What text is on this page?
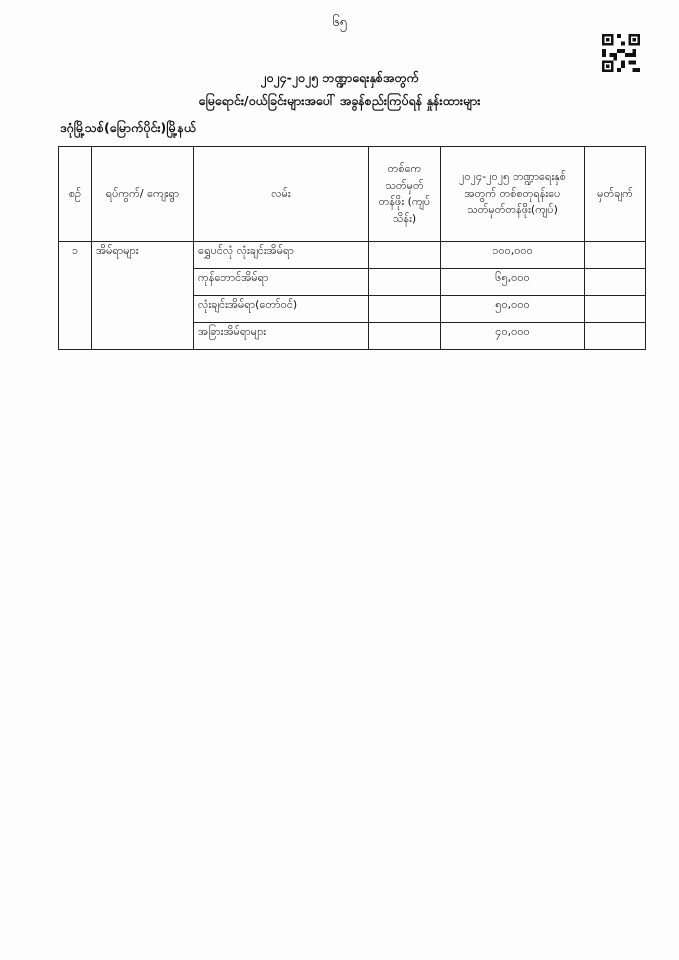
၆၅
၂၀၂၄-၂၀၂၅ ဘဏ္ဍာရေးနှစ်အတွက်
မြေရောင်း/ဝယ်ခြင်းများအပေါ် အခွန်စည်းကြပ်ရန် နှုန်းထားများ
ဒဂုံမြို့သစ်(မြောက်ပိုင်း)မြို့နယ်
စဉ်	ရပ်ကွက်/ ကျေးရွာ	လမ်း	တစ်ကေ သတ်မှတ် တန်ဖိုး (ကျပ်သိန်း)	၂၀၂၄-၂၀၂၅ ဘဏ္ဍာရေးနှစ်အတွက် တစ်စတုရန်းပေ သတ်မှတ်တန်ဖိုး(ကျပ်)	မှတ်ချက်
၁	အိမ်ရာများ	ရွှေပင်လုံ လုံးချင်းအိမ်ရာ		၁၀၀,၀၀၀	
		ကုန်ဘောင်အိမ်ရာ		၆၅,၀၀၀	
		လုံးချင်းအိမ်ရာ(တော်ဝင်)		၅၀,၀၀၀	
		အခြားအိမ်ရာများ		၄၀,၀၀၀	
